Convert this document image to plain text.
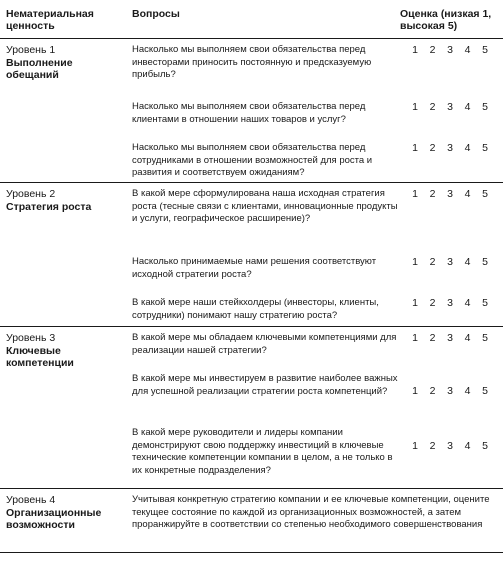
Нематериальная ценность
Вопросы	Оценка (низкая 1, высокая 5)
Уровень 1
Выполнение обещаний
Насколько мы выполняем свои обязательства перед инвесторами приносить постоянную и предсказуемую прибыль?
1 2 3 4 5
Насколько мы выполняем свои обязательства перед клиентами в отношении наших товаров и услуг?
1 2 3 4 5
Насколько мы выполняем свои обязательства перед сотрудниками в отношении возможностей для роста и развития и соответствуем ожиданиям?
1 2 3 4 5
Уровень 2
Стратегия роста
В какой мере сформулирована наша исходная стратегия роста (тесные связи с клиентами, инновационные продукты и услуги, географическое расширение)?
1 2 3 4 5
Насколько принимаемые нами решения соответствуют исходной стратегии роста?
1 2 3 4 5
В какой мере наши стейкхолдеры (инвесторы, клиенты, сотрудники) понимают нашу стратегию роста?
1 2 3 4 5
Уровень 3
Ключевые компетенции
В какой мере мы обладаем ключевыми компетенциями для реализации нашей стратегии?
1 2 3 4 5
В какой мере мы инвестируем в развитие наиболее важных для успешной реализации стратегии роста компетенций?	1 2 3 4 5
В какой мере руководители и лидеры компании демонстрируют свою поддержку инвестиций в ключевые технические компетенции компании в целом, а не только в их конкретные подразделения?
1 2 3 4 5
Уровень 4
Организационные возможности
Учитывая конкретную стратегию компании и ее ключевые компетенции, оцените текущее состояние по каждой из организационных возможностей, а затем проранжируйте в соответствии со степенью необходимого совершенствования
